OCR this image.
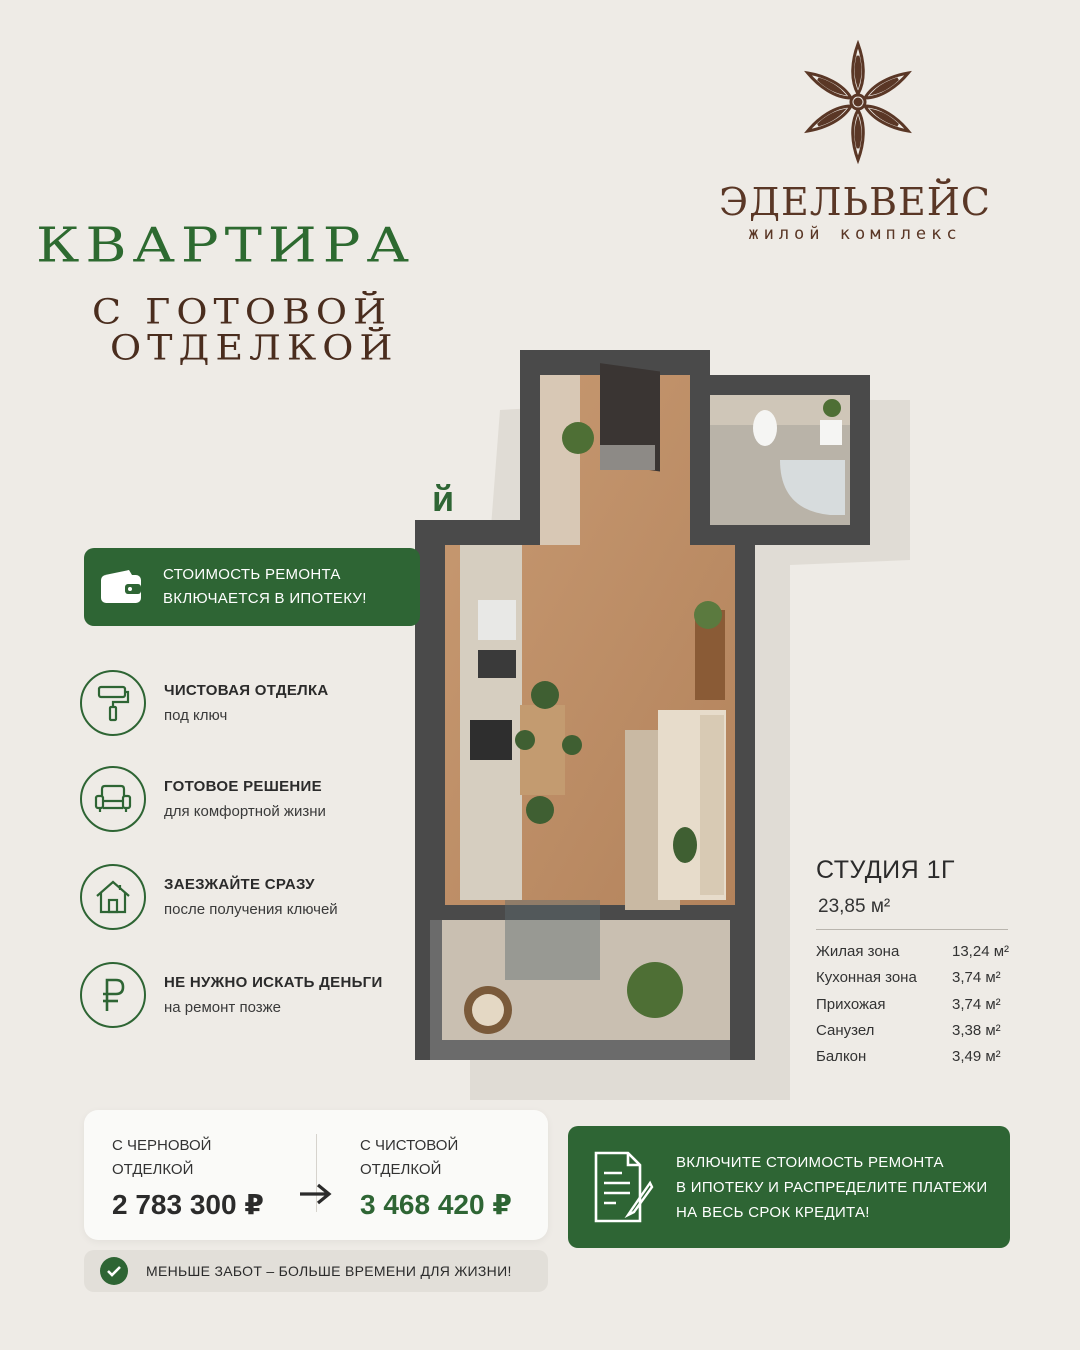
ЭДЕЛЬВЕЙС
жилой комплекс
КВАРТИРА
С ГОТОВОЙ
ОТДЕЛКОЙ
й
СТОИМОСТЬ РЕМОНТА
ВКЛЮЧАЕТСЯ В ИПОТЕКУ!
ЧИСТОВАЯ ОТДЕЛКА
под ключ
ГОТОВОЕ РЕШЕНИЕ
для комфортной жизни
ЗАЕЗЖАЙТЕ СРАЗУ
после получения ключей
НЕ НУЖНО ИСКАТЬ ДЕНЬГИ
на ремонт позже
СТУДИЯ 1Г
23,85 м²
Жилая зона	13,24 м²
Кухонная зона 3,74 м²
Прихожая	3,74 м²
Санузел	3,38 м²
Балкон	3,49 м²
С ЧЕРНОВОЙ
ОТДЕЛКОЙ
2 783 300 ₽
С ЧИСТОВОЙ
ОТДЕЛКОЙ
3 468 420 ₽
МЕНЬШЕ ЗАБОТ – БОЛЬШЕ ВРЕМЕНИ ДЛЯ ЖИЗНИ!
ВКЛЮЧИТЕ СТОИМОСТЬ РЕМОНТА
В ИПОТЕКУ И РАСПРЕДЕЛИТЕ ПЛАТЕЖИ
НА ВЕСЬ СРОК КРЕДИТА!
